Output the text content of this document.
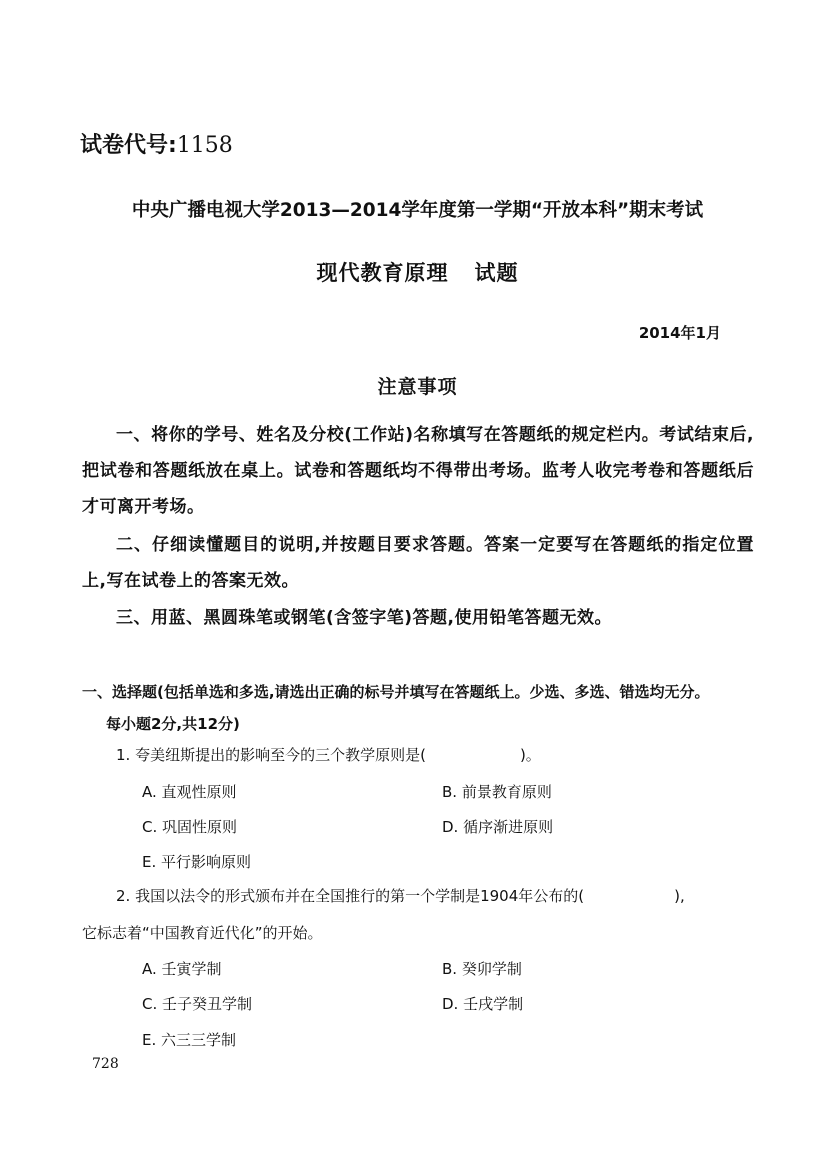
试卷代号:1158
中央广播电视大学2013—2014学年度第一学期“开放本科”期末考试
现代教育原理 试题
2014年1月
注意事项
一、将你的学号、姓名及分校(工作站)名称填写在答题纸的规定栏内。考试结束后,把试卷和答题纸放在桌上。试卷和答题纸均不得带出考场。监考人收完考卷和答题纸后才可离开考场。
二、仔细读懂题目的说明,并按题目要求答题。答案一定要写在答题纸的指定位置上,写在试卷上的答案无效。
三、用蓝、黑圆珠笔或钢笔(含签字笔)答题,使用铅笔答题无效。
一、选择题(包括单选和多选,请选出正确的标号并填写在答题纸上。少选、多选、错选均无分。
每小题2分,共12分)
1. 夸美纽斯提出的影响至今的三个教学原则是(	)。
A. 直观性原则	B. 前景教育原则
C. 巩固性原则	D. 循序渐进原则
E. 平行影响原则
2. 我国以法令的形式颁布并在全国推行的第一个学制是1904年公布的(	),
它标志着“中国教育近代化”的开始。
A. 壬寅学制	B. 癸卯学制
C. 壬子癸丑学制	D. 壬戌学制
E. 六三三学制
728
